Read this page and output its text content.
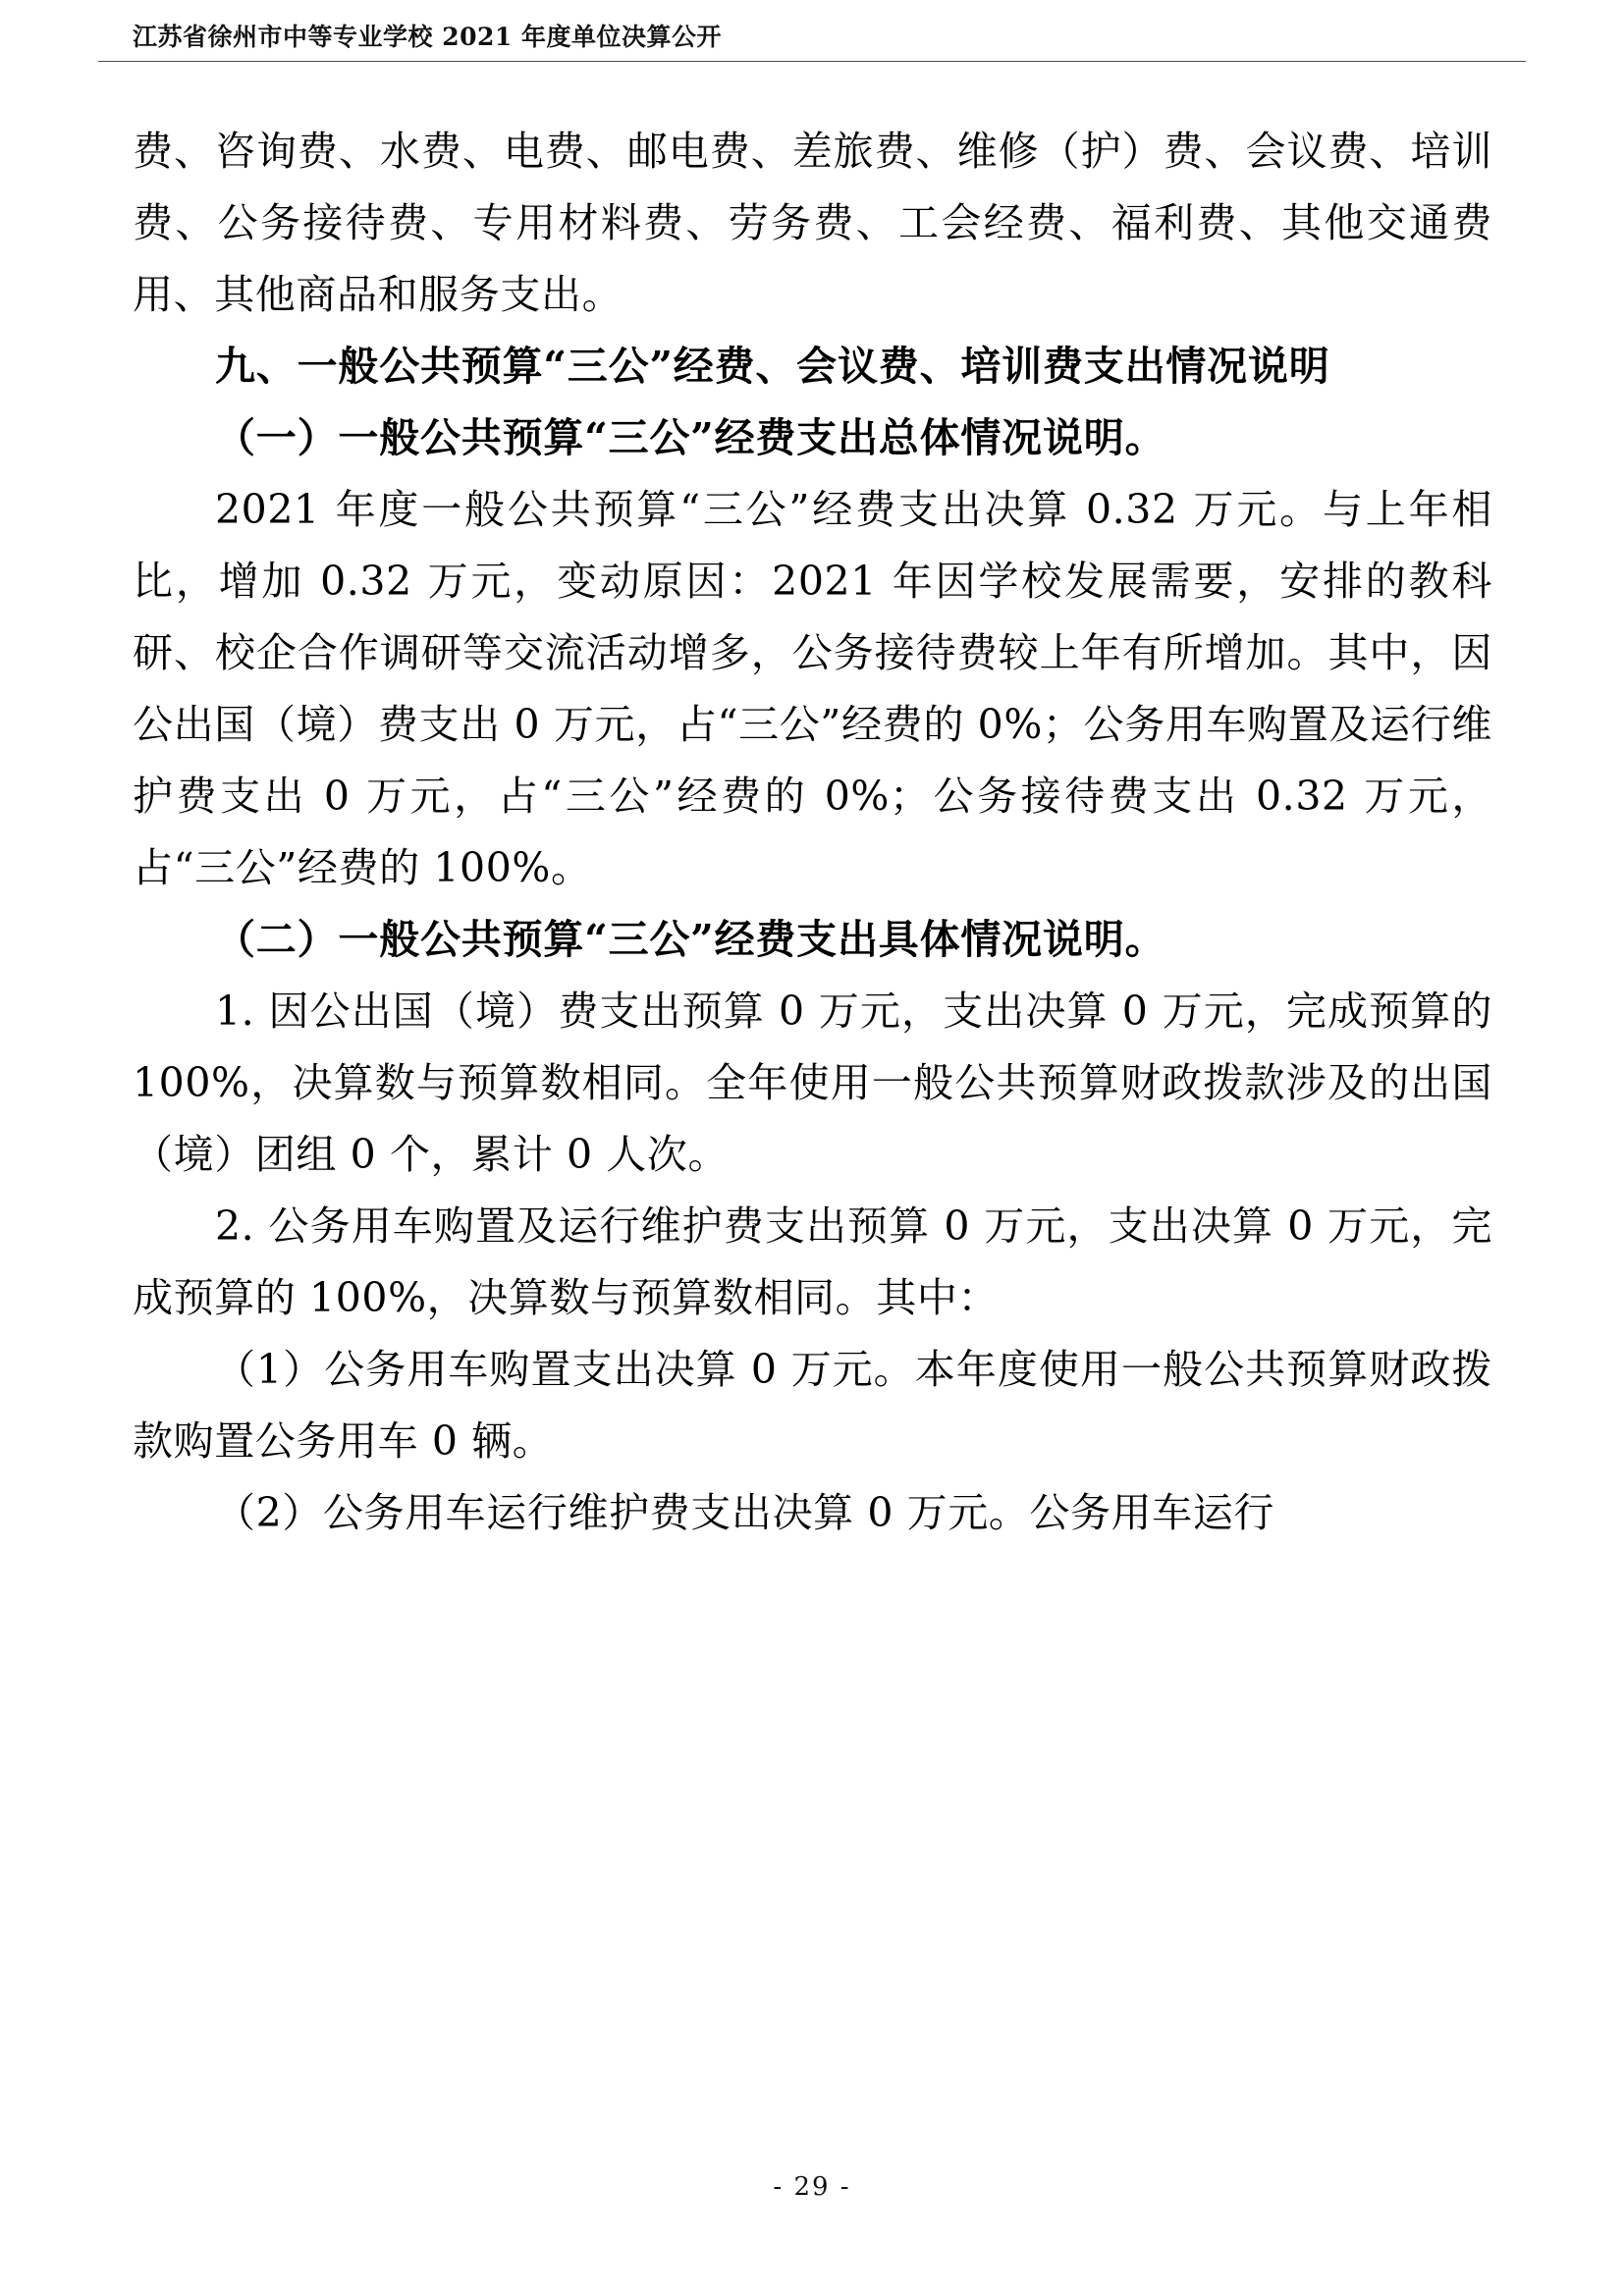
江苏省徐州市中等专业学校 2021 年度单位决算公开

费、咨询费、水费、电费、邮电费、差旅费、维修（护）费、会议费、培训费、公务接待费、专用材料费、劳务费、工会经费、福利费、其他交通费用、其他商品和服务支出。

九、一般公共预算“三公”经费、会议费、培训费支出情况说明

（一）一般公共预算“三公”经费支出总体情况说明。

2021 年度一般公共预算“三公”经费支出决算 0.32 万元。与上年相比，增加 0.32 万元，变动原因：2021 年因学校发展需要，安排的教科研、校企合作调研等交流活动增多，公务接待费较上年有所增加。其中，因公出国（境）费支出 0 万元，占“三公”经费的 0%；公务用车购置及运行维护费支出 0 万元，占“三公”经费的 0%；公务接待费支出 0.32 万元，占“三公”经费的 100%。

（二）一般公共预算“三公”经费支出具体情况说明。

1. 因公出国（境）费支出预算 0 万元，支出决算 0 万元，完成预算的 100%，决算数与预算数相同。全年使用一般公共预算财政拨款涉及的出国（境）团组 0 个，累计 0 人次。

2. 公务用车购置及运行维护费支出预算 0 万元，支出决算 0 万元，完成预算的 100%，决算数与预算数相同。其中：

（1）公务用车购置支出决算 0 万元。本年度使用一般公共预算财政拨款购置公务用车 0 辆。

（2）公务用车运行维护费支出决算 0 万元。公务用车运行

- 29 -
